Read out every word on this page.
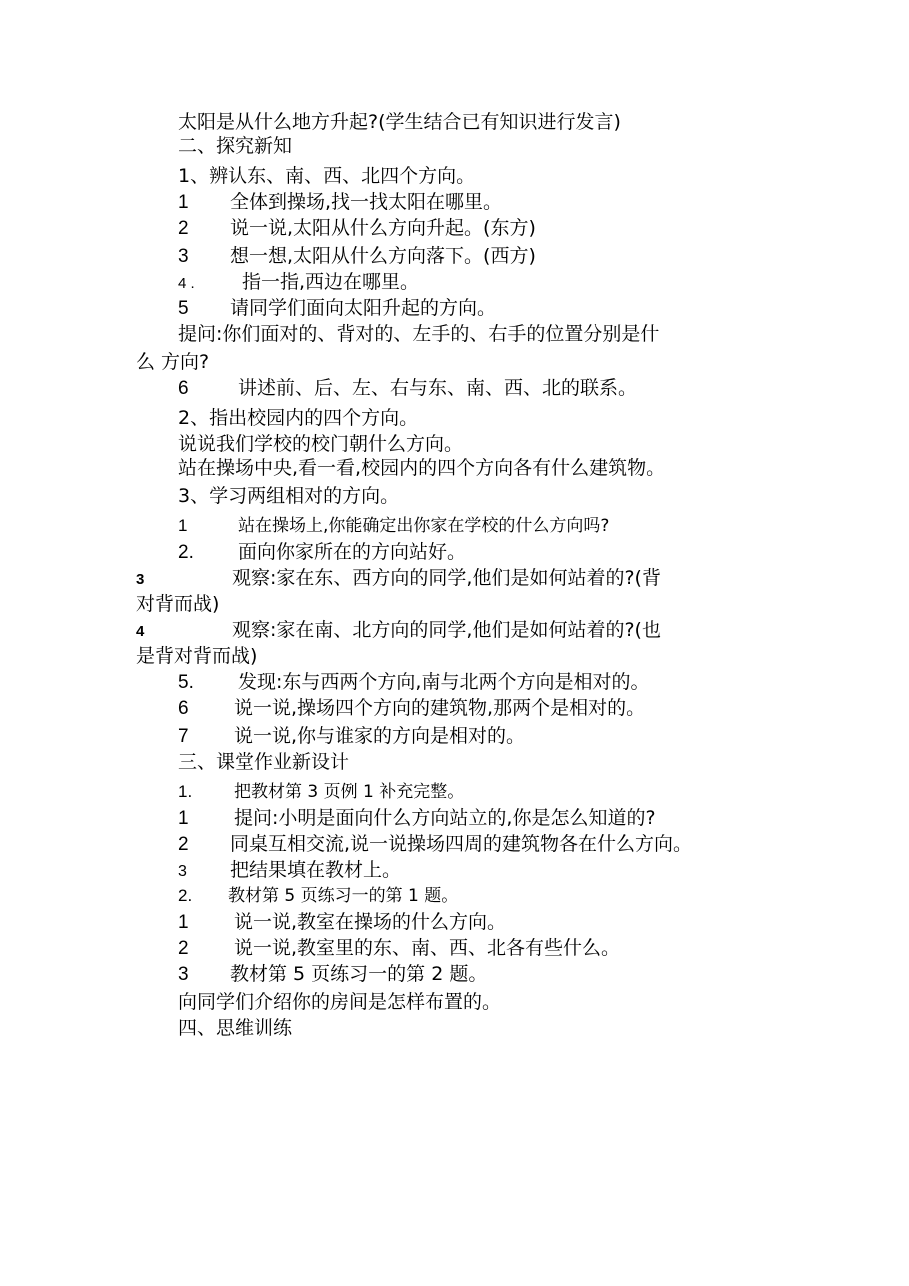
太阳是从什么地方升起?(学生结合已有知识进行发言)
二、探究新知
1、辨认东、南、西、北四个方向。
1 全体到操场,找一找太阳在哪里。
2 说一说,太阳从什么方向升起。(东方)
3 想一想,太阳从什么方向落下。(西方)
4 . 指一指,西边在哪里。
5 请同学们面向太阳升起的方向。
提问:你们面对的、背对的、左手的、右手的位置分别是什
么 方向?
6	讲述前、后、左、右与东、南、西、北的联系。
2、指出校园内的四个方向。
说说我们学校的校门朝什么方向。
站在操场中央,看一看,校园内的四个方向各有什么建筑物。
3、学习两组相对的方向。
1	站在操场上,你能确定出你家在学校的什么方向吗?
2. 面向你家所在的方向站好。
3	观察:家在东、西方向的同学,他们是如何站着的?(背
对背而战)
4	观察:家在南、北方向的同学,他们是如何站着的?(也
是背对背而战)
5. 发现:东与西两个方向,南与北两个方向是相对的。
6 说一说,操场四个方向的建筑物,那两个是相对的。
7 说一说,你与谁家的方向是相对的。
三、课堂作业新设计
1. 把教材第 3 页例 1 补充完整。
1 提问:小明是面向什么方向站立的,你是怎么知道的?
2 同桌互相交流,说一说操场四周的建筑物各在什么方向。
3 把结果填在教材上。
2. 教材第 5 页练习一的第 1 题。
1 说一说,教室在操场的什么方向。
2 说一说,教室里的东、南、西、北各有些什么。
3 教材第 5 页练习一的第 2 题。
向同学们介绍你的房间是怎样布置的。
四、思维训练
